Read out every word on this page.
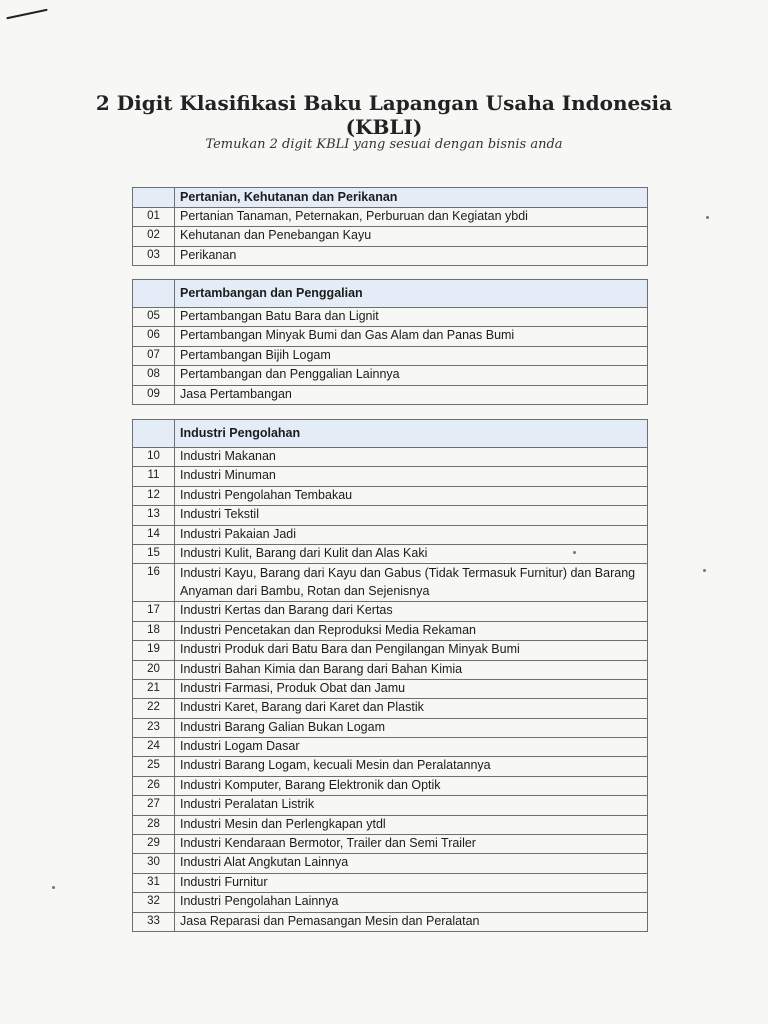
2 Digit Klasifikasi Baku Lapangan Usaha Indonesia
(KBLI)
Temukan 2 digit KBLI yang sesuai dengan bisnis anda
	Pertanian, Kehutanan dan Perikanan
01	Pertanian Tanaman, Peternakan, Perburuan dan Kegiatan ybdi
02	Kehutanan dan Penebangan Kayu
03	Perikanan
	Pertambangan dan Penggalian
05	Pertambangan Batu Bara dan Lignit
06	Pertambangan Minyak Bumi dan Gas Alam dan Panas Bumi
07	Pertambangan Bijih Logam
08	Pertambangan dan Penggalian Lainnya
09	Jasa Pertambangan
	Industri Pengolahan
10	Industri Makanan
11	Industri Minuman
12	Industri Pengolahan Tembakau
13	Industri Tekstil
14	Industri Pakaian Jadi
15	Industri Kulit, Barang dari Kulit dan Alas Kaki
16	Industri Kayu, Barang dari Kayu dan Gabus (Tidak Termasuk Furnitur) dan Barang Anyaman dari Bambu, Rotan dan Sejenisnya
17	Industri Kertas dan Barang dari Kertas
18	Industri Pencetakan dan Reproduksi Media Rekaman
19	Industri Produk dari Batu Bara dan Pengilangan Minyak Bumi
20	Industri Bahan Kimia dan Barang dari Bahan Kimia
21	Industri Farmasi, Produk Obat dan Jamu
22	Industri Karet, Barang dari Karet dan Plastik
23	Industri Barang Galian Bukan Logam
24	Industri Logam Dasar
25	Industri Barang Logam, kecuali Mesin dan Peralatannya
26	Industri Komputer, Barang Elektronik dan Optik
27	Industri Peralatan Listrik
28	Industri Mesin dan Perlengkapan ytdl
29	Industri Kendaraan Bermotor, Trailer dan Semi Trailer
30	Industri Alat Angkutan Lainnya
31	Industri Furnitur
32	Industri Pengolahan Lainnya
33	Jasa Reparasi dan Pemasangan Mesin dan Peralatan
